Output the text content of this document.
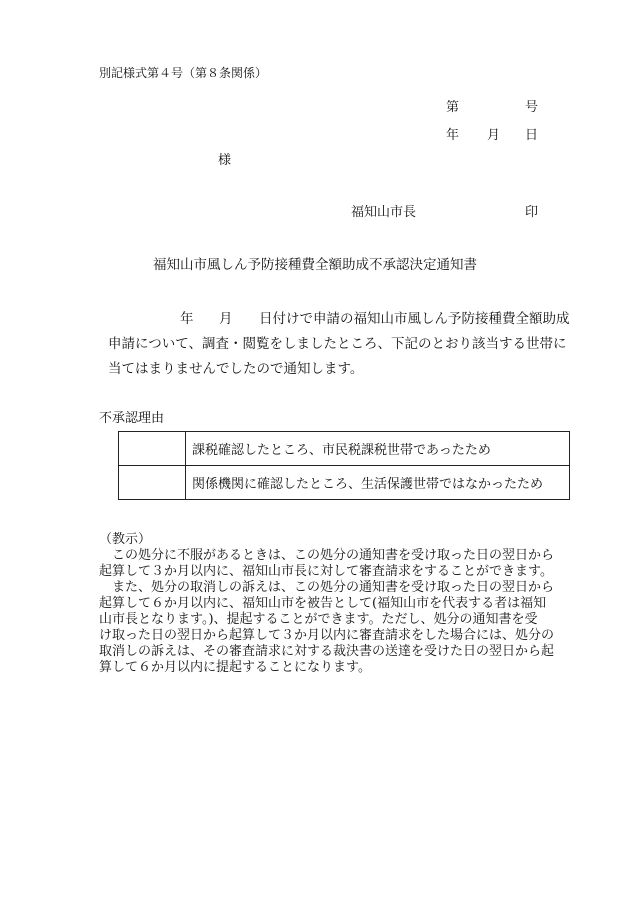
別記様式第４号（第８条関係）
第	号
年 月 日
様
福知山市長	印
福知山市風しん予防接種費全額助成不承認決定通知書
年 月 日付けで申請の福知山市風しん予防接種費全額助成
申請について、調査・閲覧をしましたところ、下記のとおり該当する世帯に
当てはまりませんでしたので通知します。
不承認理由
	課税確認したところ、市民税課税世帯であったため
	関係機関に確認したところ、生活保護世帯ではなかったため

（教示）

　この処分に不服があるときは、この処分の通知書を受け取った日の翌日から

起算して３か月以内に、福知山市長に対して審査請求をすることができます。

　また、処分の取消しの訴えは、この処分の通知書を受け取った日の翌日から

起算して６か月以内に、福知山市を被告として(福知山市を代表する者は福知

山市長となります。)、提起することができます。ただし、処分の通知書を受

け取った日の翌日から起算して３か月以内に審査請求をした場合には、処分の

取消しの訴えは、その審査請求に対する裁決書の送達を受けた日の翌日から起

算して６か月以内に提起することになります。
